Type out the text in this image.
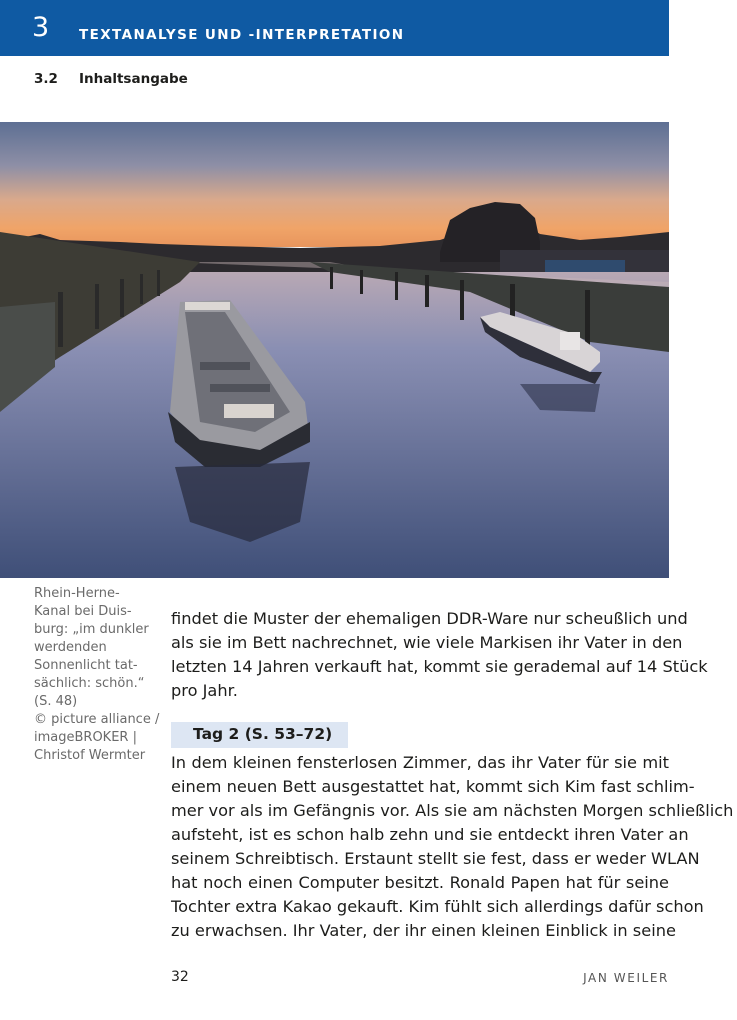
3 TEXTANALYSE UND -INTERPRETATION
3.2 Inhaltsangabe

Rhein-Herne-
Kanal bei Duis-
burg: „im dunkler
werdenden
Sonnenlicht tat-
sächlich: schön.“
(S. 48)
© picture alliance /
imageBROKER |
Christof Wermter

findet die Muster der ehemaligen DDR-Ware nur scheußlich und
als sie im Bett nachrechnet, wie viele Markisen ihr Vater in den
letzten 14 Jahren verkauft hat, kommt sie gerademal auf 14 Stück
pro Jahr.

Tag 2 (S. 53–72)

In dem kleinen fensterlosen Zimmer, das ihr Vater für sie mit
einem neuen Bett ausgestattet hat, kommt sich Kim fast schlim-
mer vor als im Gefängnis vor. Als sie am nächsten Morgen schließlich
aufsteht, ist es schon halb zehn und sie entdeckt ihren Vater an
seinem Schreibtisch. Erstaunt stellt sie fest, dass er weder WLAN
hat noch einen Computer besitzt. Ronald Papen hat für seine
Tochter extra Kakao gekauft. Kim fühlt sich allerdings dafür schon
zu erwachsen. Ihr Vater, der ihr einen kleinen Einblick in seine

32	JAN WEILER
